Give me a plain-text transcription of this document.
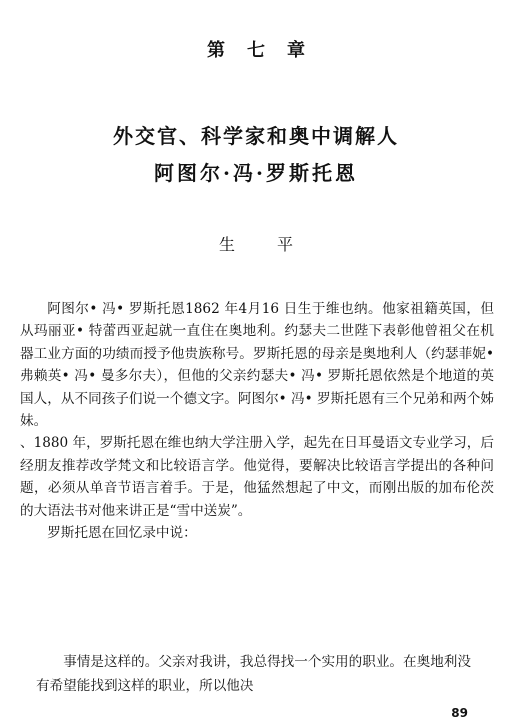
第七章
外交官、科学家和奥中调解人
阿图尔·冯·罗斯托恩
生平

阿图尔• 冯• 罗斯托恩1862 年4月16 日生于维也纳。他家祖籍英国，但从玛丽亚• 特蕾西亚起就一直住在奥地利。约瑟夫二世陛下表彰他曾祖父在机器工业方面的功绩而授予他贵族称号。罗斯托恩的母亲是奥地利人（约瑟菲妮• 弗赖英• 冯• 曼多尔夫），但他的父亲约瑟夫• 冯• 罗斯托恩依然是个地道的英国人，从不同孩子们说一个德文字。阿图尔• 冯• 罗斯托恩有三个兄弟和两个姊妹。

、1880 年，罗斯托恩在维也纳大学注册入学，起先在日耳曼语文专业学习，后经朋友推荐改学梵文和比较语言学。他觉得，要解决比较语言学提出的各种问题，必须从单音节语言着手。于是，他猛然想起了中文，而刚出版的加布伦茨的大语法书对他来讲正是“雪中送炭”。

罗斯托恩在回忆录中说：

事情是这样的。父亲对我讲，我总得找一个实用的职业。在奥地利没有希望能找到这样的职业，所以他决

89
